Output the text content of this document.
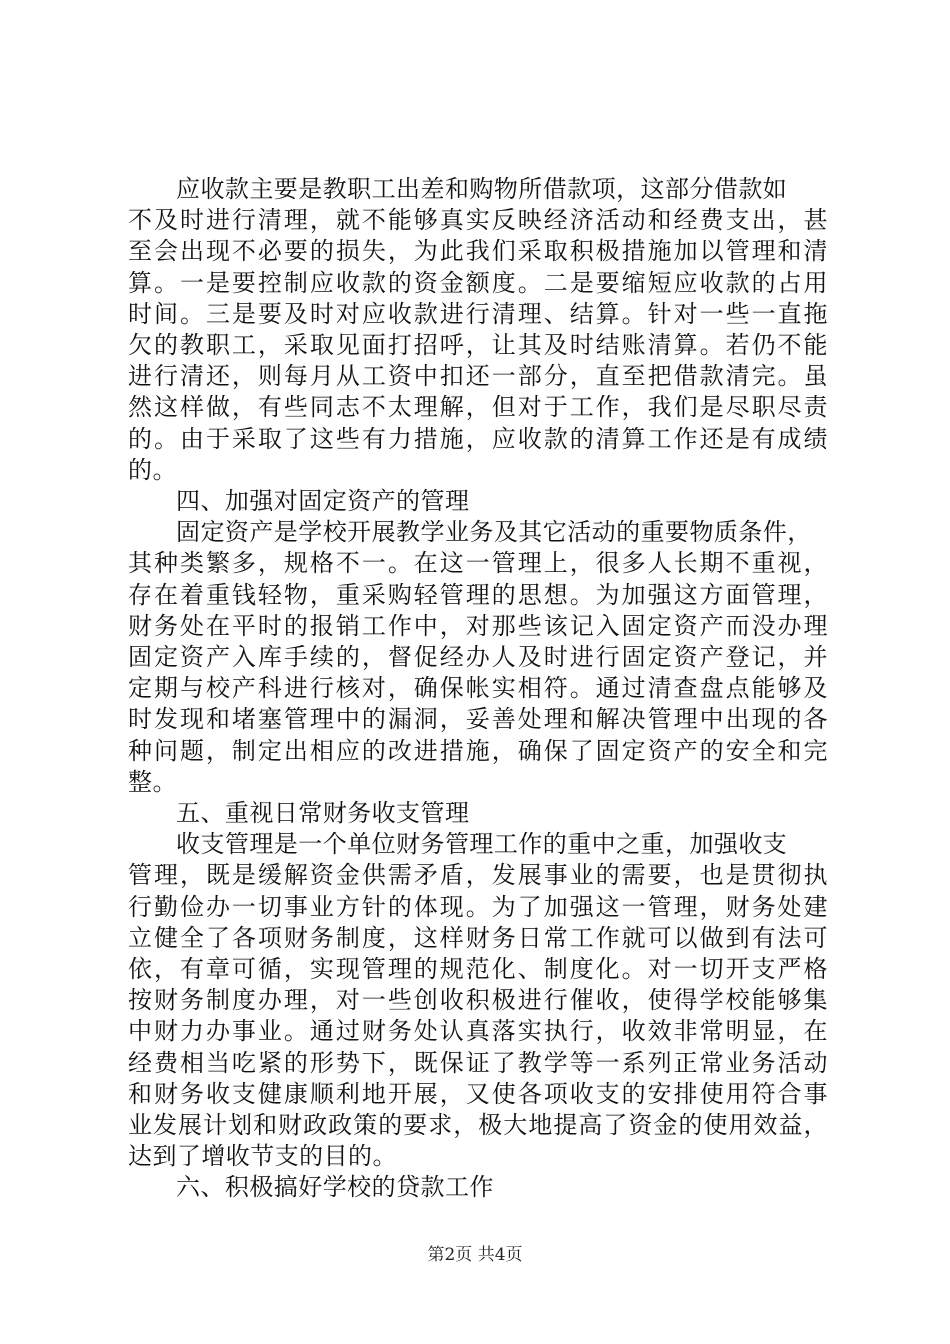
应收款主要是教职工出差和购物所借款项，这部分借款如
不及时进行清理，就不能够真实反映经济活动和经费支出，甚
至会出现不必要的损失，为此我们采取积极措施加以管理和清
算。一是要控制应收款的资金额度。二是要缩短应收款的占用
时间。三是要及时对应收款进行清理、结算。针对一些一直拖
欠的教职工，采取见面打招呼，让其及时结账清算。若仍不能
进行清还，则每月从工资中扣还一部分，直至把借款清完。虽
然这样做，有些同志不太理解，但对于工作，我们是尽职尽责
的。由于采取了这些有力措施，应收款的清算工作还是有成绩
的。
四、加强对固定资产的管理
固定资产是学校开展教学业务及其它活动的重要物质条件，
其种类繁多，规格不一。在这一管理上，很多人长期不重视，
存在着重钱轻物，重采购轻管理的思想。为加强这方面管理，
财务处在平时的报销工作中，对那些该记入固定资产而没办理
固定资产入库手续的，督促经办人及时进行固定资产登记，并
定期与校产科进行核对，确保帐实相符。通过清查盘点能够及
时发现和堵塞管理中的漏洞，妥善处理和解决管理中出现的各
种问题，制定出相应的改进措施，确保了固定资产的安全和完
整。
五、重视日常财务收支管理
收支管理是一个单位财务管理工作的重中之重，加强收支
管理，既是缓解资金供需矛盾，发展事业的需要，也是贯彻执
行勤俭办一切事业方针的体现。为了加强这一管理，财务处建
立健全了各项财务制度，这样财务日常工作就可以做到有法可
依，有章可循，实现管理的规范化、制度化。对一切开支严格
按财务制度办理，对一些创收积极进行催收，使得学校能够集
中财力办事业。通过财务处认真落实执行，收效非常明显，在
经费相当吃紧的形势下，既保证了教学等一系列正常业务活动
和财务收支健康顺利地开展，又使各项收支的安排使用符合事
业发展计划和财政政策的要求，极大地提高了资金的使用效益，
达到了增收节支的目的。
六、积极搞好学校的贷款工作
第2页 共4页
